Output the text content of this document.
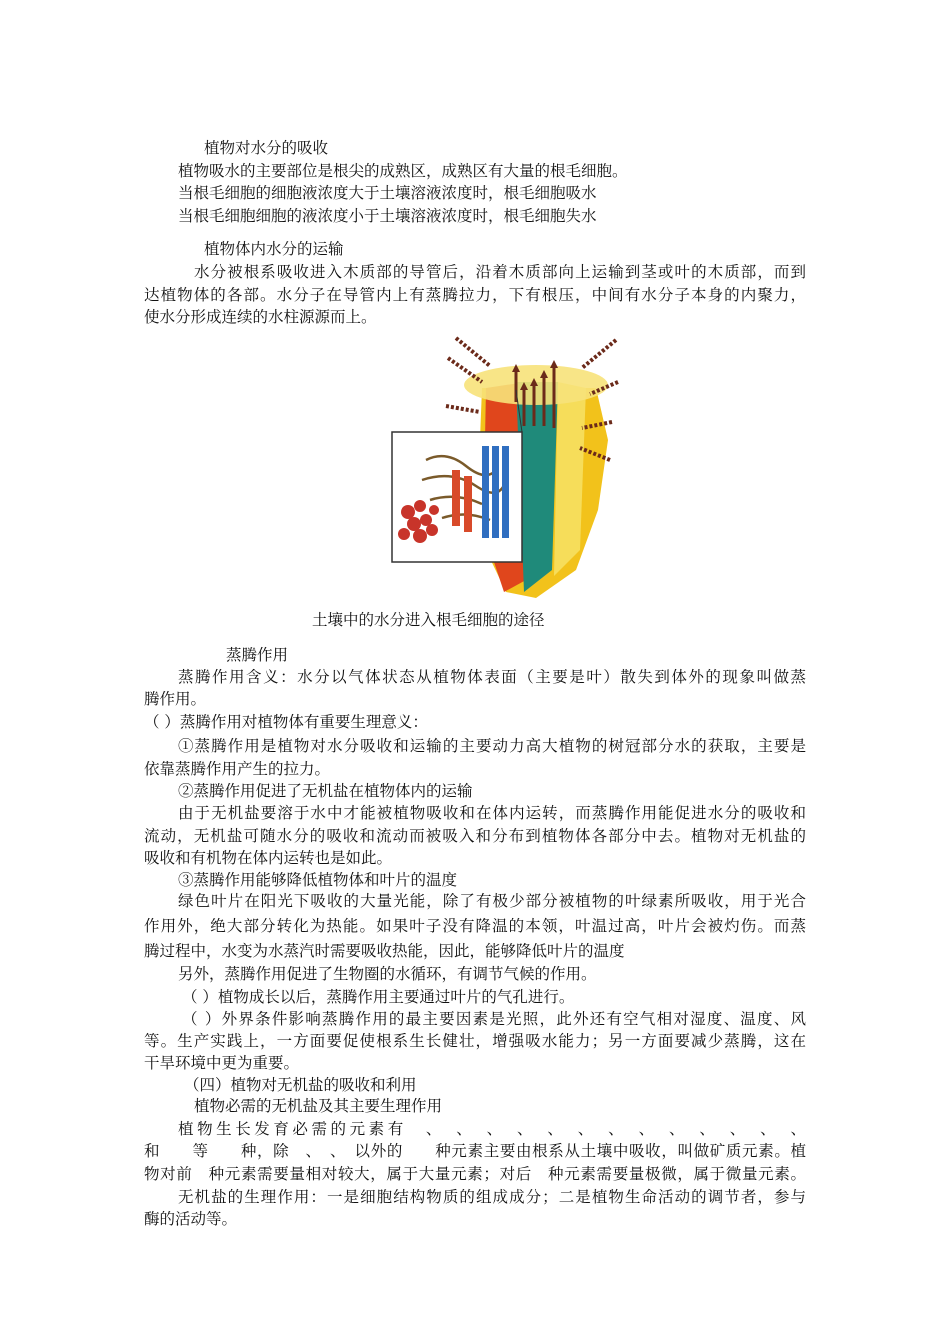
植物对水分的吸收
植物吸水的主要部位是根尖的成熟区，成熟区有大量的根毛细胞。
当根毛细胞的细胞液浓度大于土壤溶液浓度时，根毛细胞吸水
当根毛细胞细胞的液浓度小于土壤溶液浓度时，根毛细胞失水
植物体内水分的运输
水分被根系吸收进入木质部的导管后，沿着木质部向上运输到茎或叶的木质部，而到
达植物体的各部。水分子在导管内上有蒸腾拉力，下有根压，中间有水分子本身的内聚力，
使水分形成连续的水柱源源而上。
土壤中的水分进入根毛细胞的途径
蒸腾作用
蒸腾作用含义：水分以气体状态从植物体表面（主要是叶）散失到体外的现象叫做蒸
腾作用。
（ ）蒸腾作用对植物体有重要生理意义：
①蒸腾作用是植物对水分吸收和运输的主要动力高大植物的树冠部分水的获取，主要是
依靠蒸腾作用产生的拉力。
②蒸腾作用促进了无机盐在植物体内的运输
由于无机盐要溶于水中才能被植物吸收和在体内运转，而蒸腾作用能促进水分的吸收和
流动，无机盐可随水分的吸收和流动而被吸入和分布到植物体各部分中去。植物对无机盐的
吸收和有机物在体内运转也是如此。
③蒸腾作用能够降低植物体和叶片的温度
绿色叶片在阳光下吸收的大量光能，除了有极少部分被植物的叶绿素所吸收，用于光合
作用外，绝大部分转化为热能。如果叶子没有降温的本领，叶温过高，叶片会被灼伤。而蒸
腾过程中，水变为水蒸汽时需要吸收热能，因此，能够降低叶片的温度
另外，蒸腾作用促进了生物圈的水循环，有调节气候的作用。
（ ）植物成长以后，蒸腾作用主要通过叶片的气孔进行。
（ ）外界条件影响蒸腾作用的最主要因素是光照，此外还有空气相对湿度、温度、风
等。生产实践上，一方面要促使根系生长健壮，增强吸水能力；另一方面要减少蒸腾，这在
干旱环境中更为重要。
（四）植物对无机盐的吸收和利用
植物必需的无机盐及其主要生理作用
植物生长发育必需的元素有　、　、　、　、　、　、　、　、　、　、　、　、　、
和　　等　　种，除　、　、　以外的　　种元素主要由根系从土壤中吸收，叫做矿质元素。植
物对前　种元素需要量相对较大，属于大量元素；对后　种元素需要量极微，属于微量元素。
无机盐的生理作用：一是细胞结构物质的组成成分；二是植物生命活动的调节者，参与
酶的活动等。
